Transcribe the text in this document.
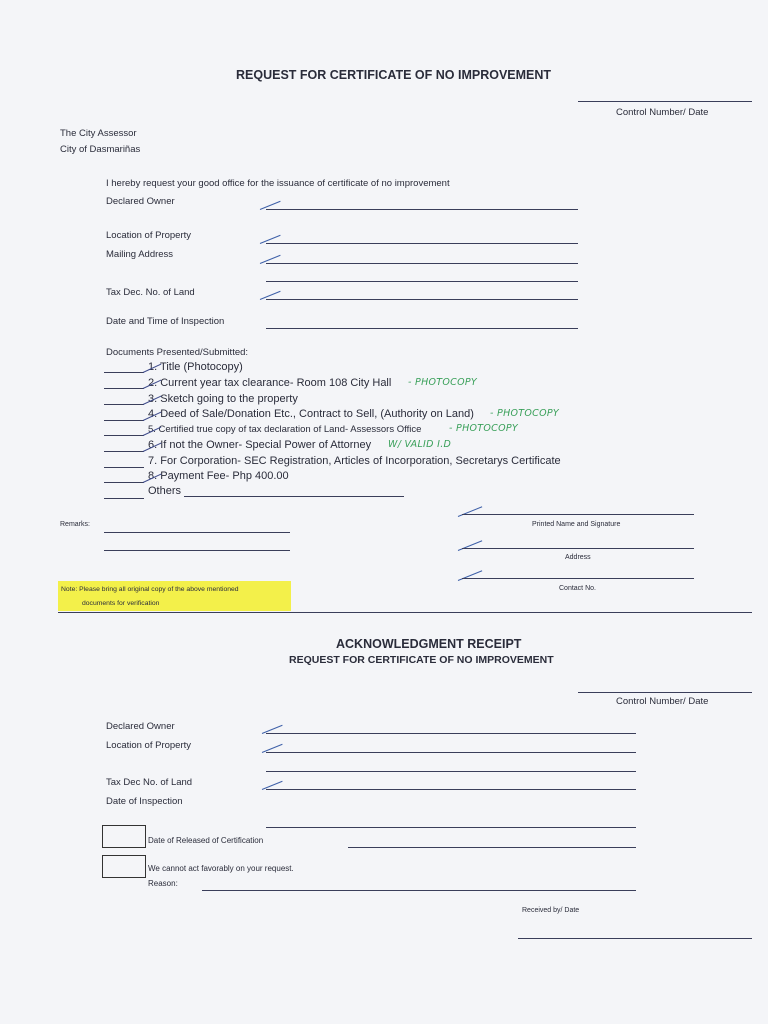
REQUEST FOR CERTIFICATE OF NO IMPROVEMENT
Control Number/ Date
The City Assessor
City of Dasmariñas
I hereby request your good office for the issuance of certificate of no improvement
Declared Owner
Location of Property
Mailing Address
Tax Dec. No. of Land
Date and Time of Inspection
Documents Presented/Submitted:
1. Title (Photocopy)
2. Current year tax clearance- Room 108 City Hall - PHOTOCOPY
3. Sketch going to the property
4. Deed of Sale/Donation Etc., Contract to Sell, (Authority on Land) - PHOTOCOPY
5. Certified true copy of tax declaration of Land- Assessors Office	- PHOTOCOPY
6. If not the Owner- Special Power of Attorney W/ VALID I.D
7. For Corporation- SEC Registration, Articles of Incorporation, Secretarys Certificate
8. Payment Fee- Php 400.00
Others
Remarks:	Printed Name and Signature
Address
Contact No.
Note: Please bring all original copy of the above mentioned
documents for verification
ACKNOWLEDGMENT RECEIPT
REQUEST FOR CERTIFICATE OF NO IMPROVEMENT
Control Number/ Date
Declared Owner
Location of Property
Tax Dec No. of Land
Date of Inspection
Date of Released of Certification
We cannot act favorably on your request.
Reason:
Received by/ Date
